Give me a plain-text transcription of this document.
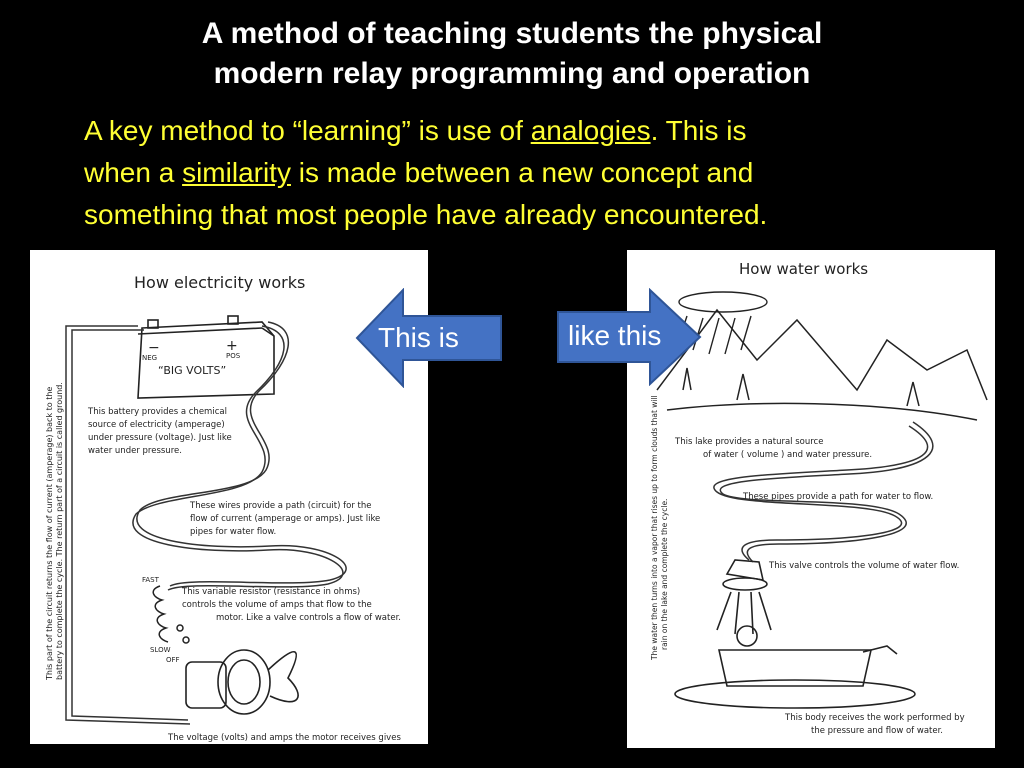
A method of teaching students the physical
modern relay programming and operation
A key method to “learning” is use of analogies. This is
when a similarity is made between a new concept and
something that most people have already encountered.
How electricity works
−	+
NEG	POS
“BIG VOLTS”
This battery provides a chemical
source of electricity (amperage)
under pressure (voltage). Just like
water under pressure.
These wires provide a path (circuit) for the
flow of current (amperage or amps). Just like
pipes for water flow.
FAST
SLOW
OFF
This variable resistor (resistance in ohms)
controls the volume of amps that flow to the
motor. Like a valve controls a flow of water.
This part of the circuit returns the flow of current (amperage) back to the battery to complete the cycle. The return part of a circuit is called ground.
The voltage (volts) and amps the motor receives gives
How water works
This lake provides a natural source
of water ( volume ) and water pressure.
These pipes provide a path for water to flow.
This valve controls the volume of water flow.
This body receives the work performed by
the pressure and flow of water.
The water then turns into a vapor that rises up to form clouds that will rain on the lake and complete the cycle.
This is	like this
